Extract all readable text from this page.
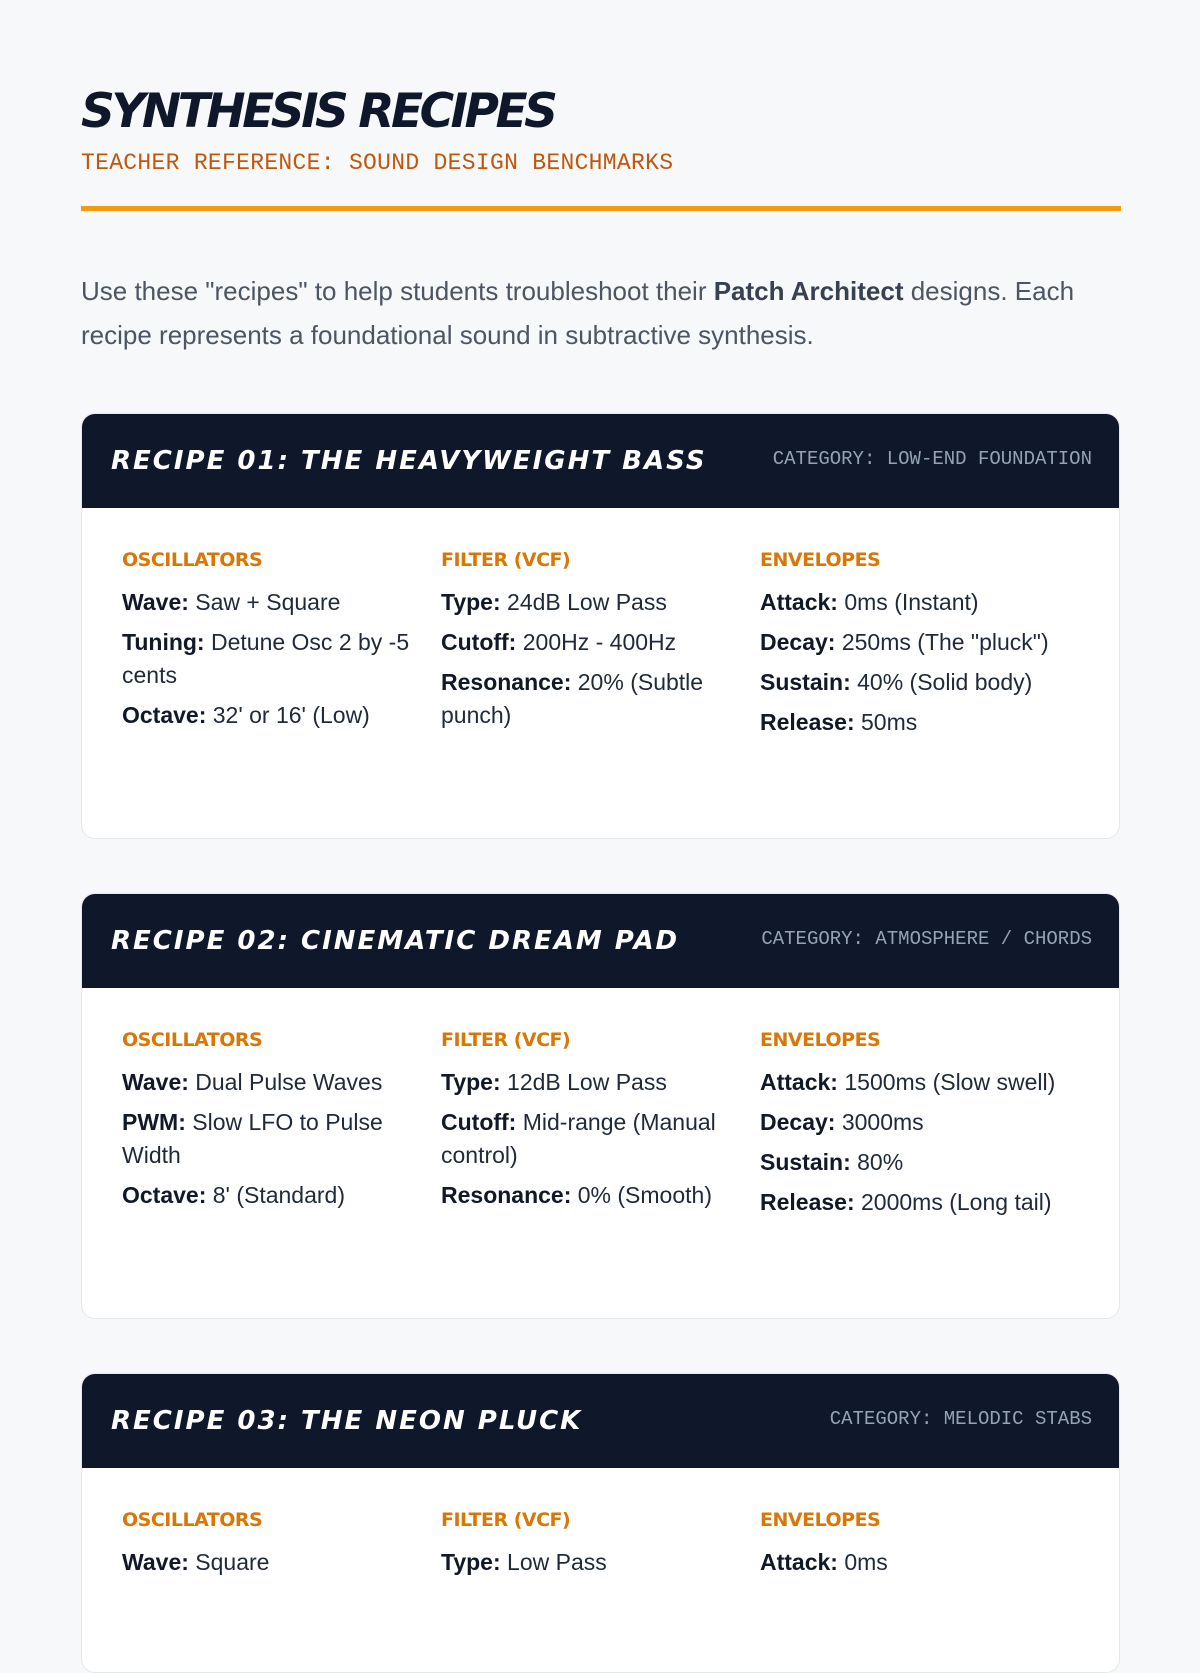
SYNTHESIS RECIPES
TEACHER REFERENCE: SOUND DESIGN BENCHMARKS

Use these "recipes" to help students troubleshoot their Patch Architect designs. Each recipe represents a foundational sound in subtractive synthesis.

RECIPE 01: THE HEAVYWEIGHT BASS	CATEGORY: LOW-END FOUNDATION
OSCILLATORS
Wave: Saw + Square
Tuning: Detune Osc 2 by -5 cents
Octave: 32' or 16' (Low)
FILTER (VCF)
Type: 24dB Low Pass
Cutoff: 200Hz - 400Hz
Resonance: 20% (Subtle punch)
ENVELOPES
Attack: 0ms (Instant)
Decay: 250ms (The "pluck")
Sustain: 40% (Solid body)
Release: 50ms
RECIPE 02: CINEMATIC DREAM PAD	CATEGORY: ATMOSPHERE / CHORDS
OSCILLATORS
Wave: Dual Pulse Waves
PWM: Slow LFO to Pulse Width
Octave: 8' (Standard)
FILTER (VCF)
Type: 12dB Low Pass
Cutoff: Mid-range (Manual control)
Resonance: 0% (Smooth)
ENVELOPES
Attack: 1500ms (Slow swell)
Decay: 3000ms
Sustain: 80%
Release: 2000ms (Long tail)
RECIPE 03: THE NEON PLUCK	CATEGORY: MELODIC STABS
OSCILLATORS
Wave: Square
FILTER (VCF)
Type: Low Pass
ENVELOPES
Attack: 0ms
